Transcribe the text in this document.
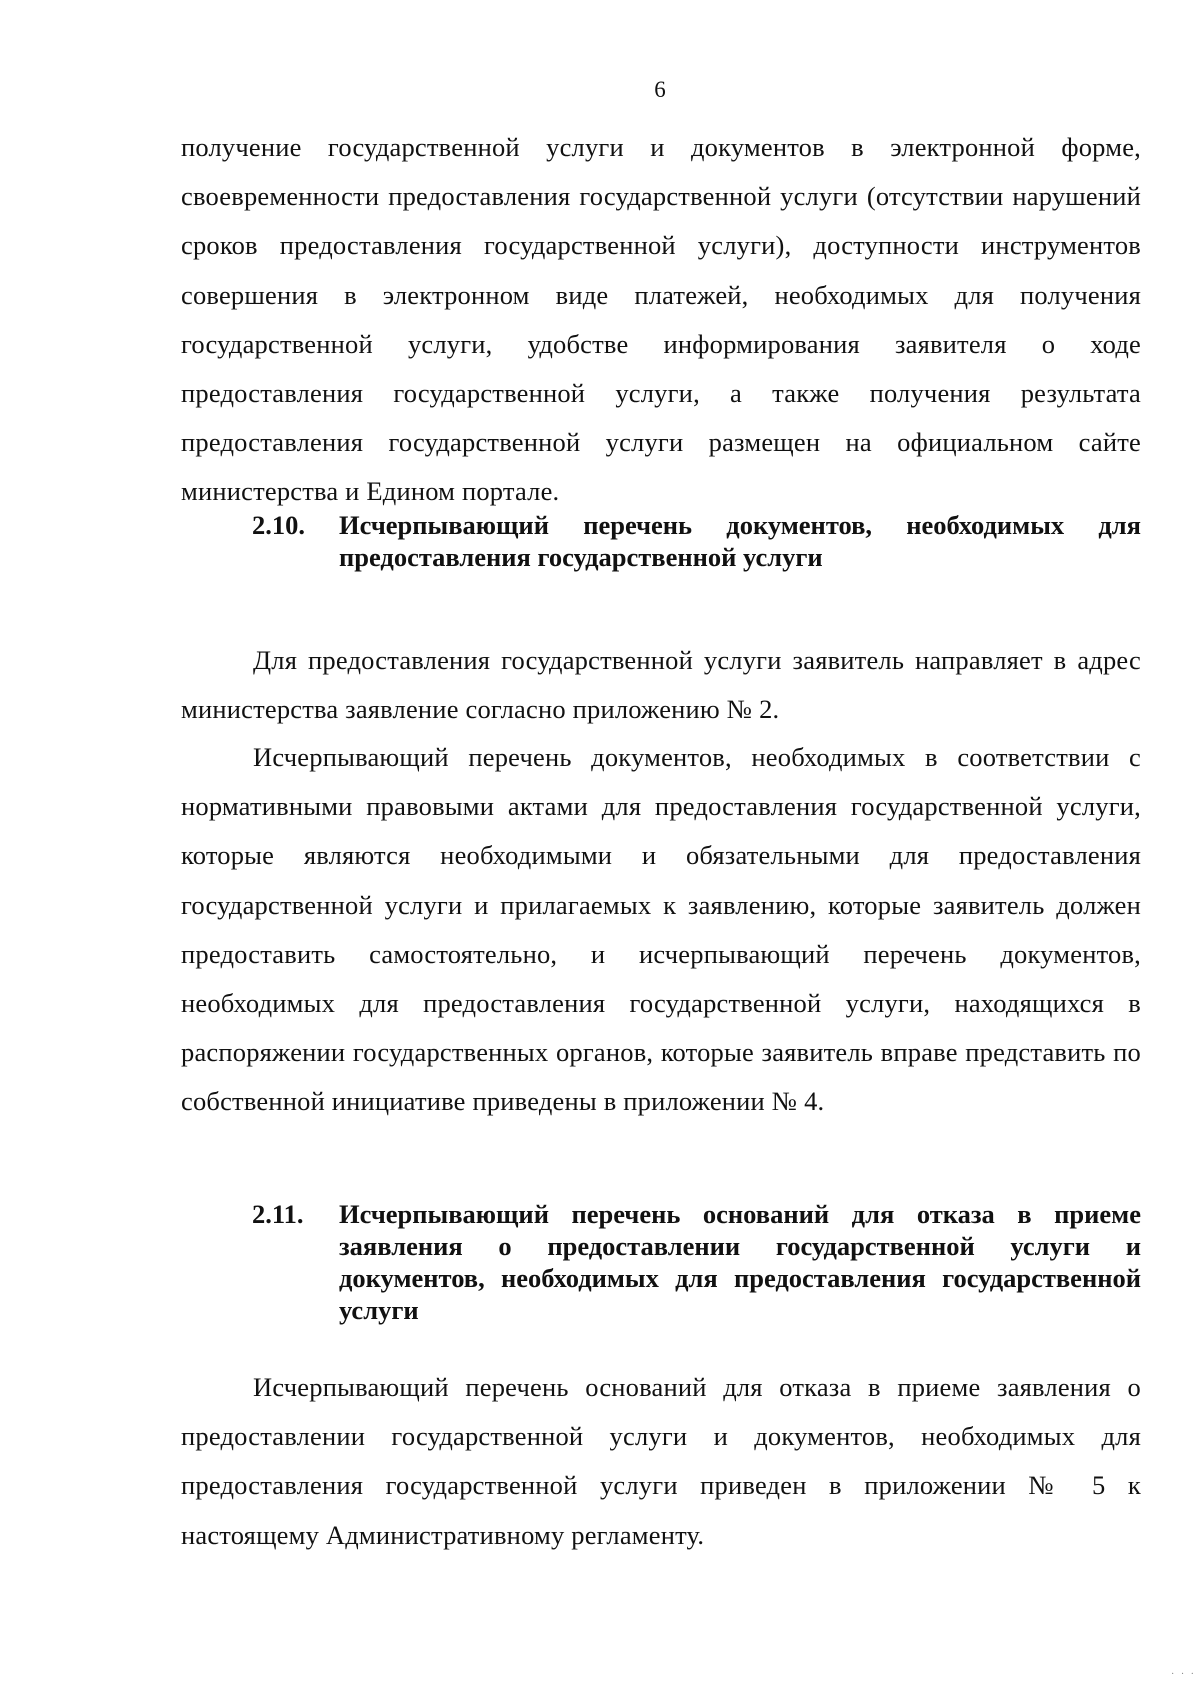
6

получение государственной услуги и документов в электронной форме, своевременности предоставления государственной услуги (отсутствии нарушений сроков предоставления государственной услуги), доступности инструментов совершения в электронном виде платежей, необходимых для получения государственной услуги, удобстве информирования заявителя о ходе предоставления государственной услуги, а также получения результата предоставления государственной услуги размещен на официальном сайте министерства и Едином портале.

2.10.	Исчерпывающий перечень документов, необходимых для предоставления государственной услуги

Для предоставления государственной услуги заявитель направляет в адрес министерства заявление согласно приложению № 2.

Исчерпывающий перечень документов, необходимых в соответствии с нормативными правовыми актами для предоставления государственной услуги, которые являются необходимыми и обязательными для предоставления государственной услуги и прилагаемых к заявлению, которые заявитель должен предоставить самостоятельно, и исчерпывающий перечень документов, необходимых для предоставления государственной услуги, находящихся в распоряжении государственных органов, которые заявитель вправе представить по собственной инициативе приведены в приложении № 4.

2.11.	Исчерпывающий перечень оснований для отказа в приеме заявления о предоставлении государственной услуги и документов, необходимых для предоставления государственной услуги

Исчерпывающий перечень оснований для отказа в приеме заявления о предоставлении государственной услуги и документов, необходимых для предоставления государственной услуги приведен в приложении № 5 к настоящему Административному регламенту.

· · ·
